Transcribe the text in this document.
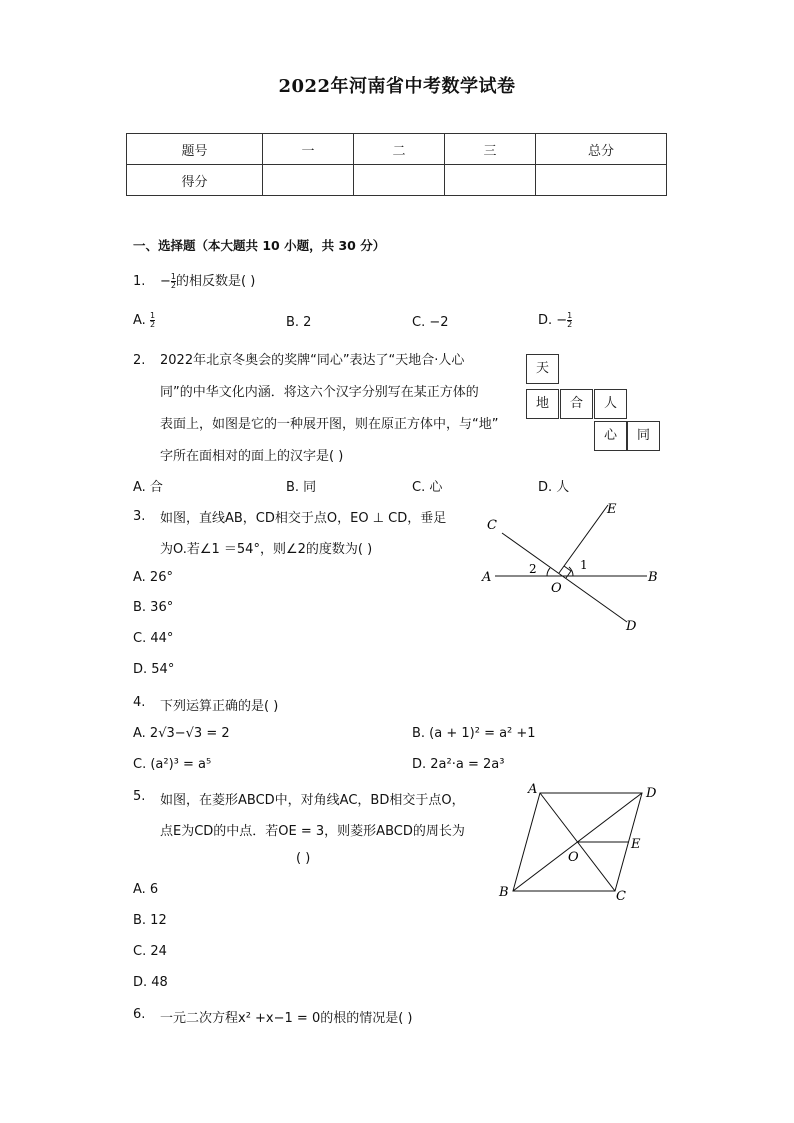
2022年河南省中考数学试卷
题号	一	二	三	总分
得分				
一、选择题（本大题共 10 小题，共 30 分）
1. − $\frac{1}{2}$ 的相反数是( )
A. $\frac{1}{2}$	B. 2	C. −2	D. − $\frac{1}{2}$
2. 2022年北京冬奥会的奖牌“同心”表达了“天地合·人心
同”的中华文化内涵．将这六个汉字分别写在某正方体的
表面上，如图是它的一种展开图，则在原正方体中，与“地”
字所在面相对的面上的汉字是( )
天
地	合	人
心	同
A. 合	B. 同	C. 心	D. 人
3. 如图，直线AB，CD相交于点O，EO ⊥ CD，垂足
为O.若∠1 ＝54°，则∠2的度数为( )
A. 26°
B. 36°
C. 44°
D. 54°
C
E
A	B
O
D
1
2
4. 下列运算正确的是( )
A. 2√3−√3 = 2	B. (a + 1)² = a² +1
C. (a²)³ = a⁵	D. 2a²·a = 2a³
5. 如图，在菱形ABCD中，对角线AC，BD相交于点O，
点E为CD的中点．若OE = 3，则菱形ABCD的周长为
( )
A. 6
B. 12
C. 24
D. 48
A	D
O
E
B	C
6. 一元二次方程x² +x−1 = 0的根的情况是( )
